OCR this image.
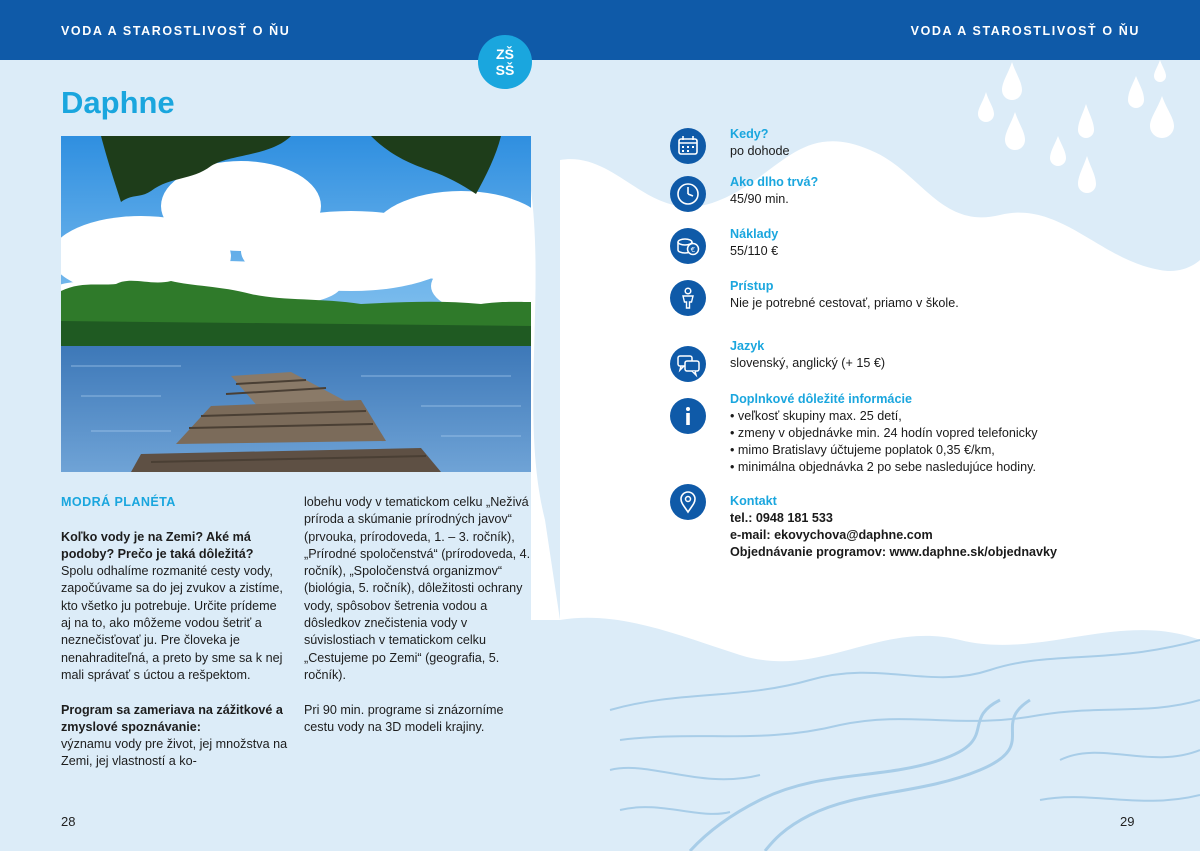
VODA A STAROSTLIVOSŤ O ŇU	VODA A STAROSTLIVOSŤ O ŇU
ZŠ
SŠ
Daphne

MODRÁ PLANÉTA

Koľko vody je na Zemi? Aké má podoby? Prečo je taká dôležitá?
Spolu odhalíme rozmanité cesty vody, započúvame sa do jej zvukov a zistíme, kto všetko ju potrebuje. Určite prídeme aj na to, ako môžeme vodou šetriť a neznečisťovať ju. Pre človeka je nenahraditeľná, a preto by sme sa k nej mali správať s úctou a rešpektom.

Program sa zameriava na zážitkové a zmyslové spoznávanie:
významu vody pre život, jej množstva na Zemi, jej vlastností a ko-

lobehu vody v tematickom celku „Neživá príroda a skúmanie prírodných javov“ (prvouka, prírodoveda, 1. – 3. ročník), „Prírodné spoločenstvá“ (prírodoveda, 4. ročník), „Spoločenstvá organizmov“ (biológia, 5. ročník), dôležitosti ochrany vody, spôsobov šetrenia vodou a dôsledkov znečistenia vody v súvislostiach v tematickom celku „Cestujeme po Zemi“ (geografia, 5. ročník).

Pri 90 min. programe si znázorníme cestu vody na 3D modeli krajiny.

28	29
Kedy?
po dohode
Ako dlho trvá?
45/90 min.
€
Náklady
55/110 €
Prístup
Nie je potrebné cestovať, priamo v škole.
Jazyk
slovenský, anglický (+ 15 €)
Doplnkové dôležité informácie
• veľkosť skupiny max. 25 detí,
• zmeny v objednávke min. 24 hodín vopred telefonicky
• mimo Bratislavy účtujeme poplatok 0,35 €/km,
• minimálna objednávka 2 po sebe nasledujúce hodiny.
Kontakt
tel.: 0948 181 533
e-mail: ekovychova@daphne.com
Objednávanie programov: www.daphne.sk/objednavky
